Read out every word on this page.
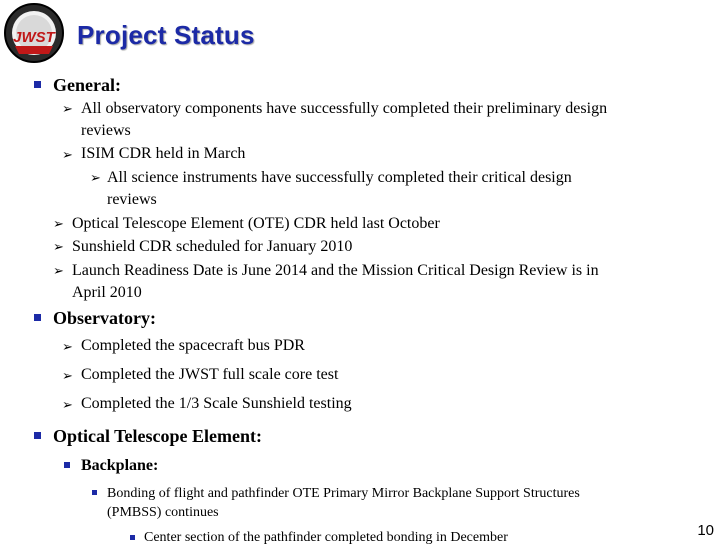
JWST Project Status
General:
➢ All observatory components have successfully completed their preliminary design
reviews
➢ ISIM CDR held in March
➢ All science instruments have successfully completed their critical design
reviews
➢ Optical Telescope Element (OTE) CDR held last October
➢ Sunshield CDR scheduled for January 2010
➢ Launch Readiness Date is June 2014 and the Mission Critical Design Review is in
April 2010
Observatory:
➢ Completed the spacecraft bus PDR
➢ Completed the JWST full scale core test
➢ Completed the 1/3 Scale Sunshield testing
Optical Telescope Element:
Backplane:
Bonding of flight and pathfinder OTE Primary Mirror Backplane Support Structures
(PMBSS) continues
Center section of the pathfinder completed bonding in December	10
